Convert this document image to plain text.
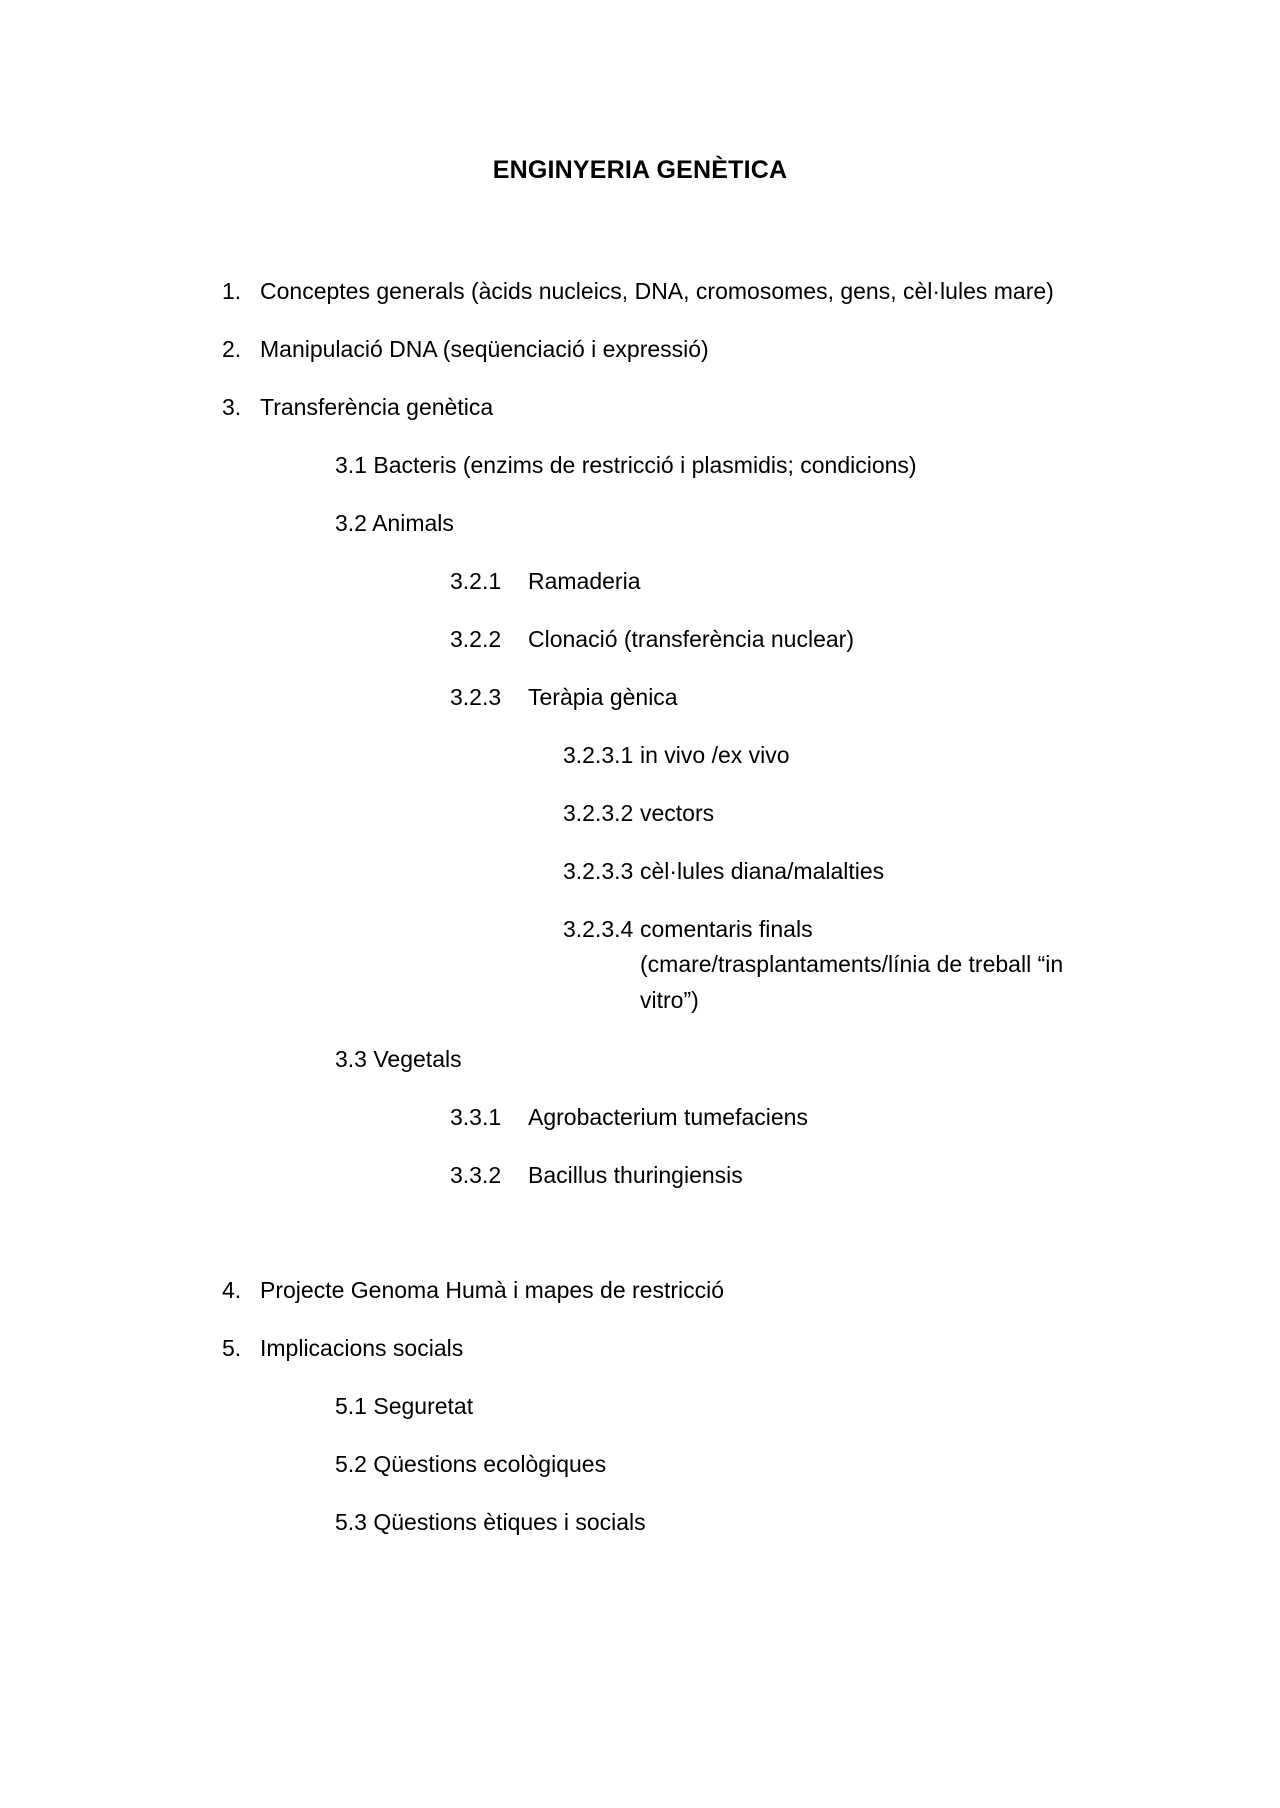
ENGINYERIA GENÈTICA
1. Conceptes generals (àcids nucleics, DNA, cromosomes, gens, cèl·lules mare)
2. Manipulació DNA (seqüenciació i expressió)
3. Transferència genètica
3.1 Bacteris (enzims de restricció i plasmidis; condicions)
3.2 Animals
3.2.1 Ramaderia
3.2.2 Clonació (transferència nuclear)
3.2.3 Teràpia gènica
3.2.3.1 in vivo /ex vivo
3.2.3.2 vectors
3.2.3.3 cèl·lules diana/malalties
3.2.3.4 comentaris finals
(cmare/trasplantaments/línia de treball “in vitro”)
3.3 Vegetals
3.3.1 Agrobacterium tumefaciens
3.3.2 Bacillus thuringiensis
4. Projecte Genoma Humà i mapes de restricció
5. Implicacions socials
5.1 Seguretat
5.2 Qüestions ecològiques
5.3 Qüestions ètiques i socials
